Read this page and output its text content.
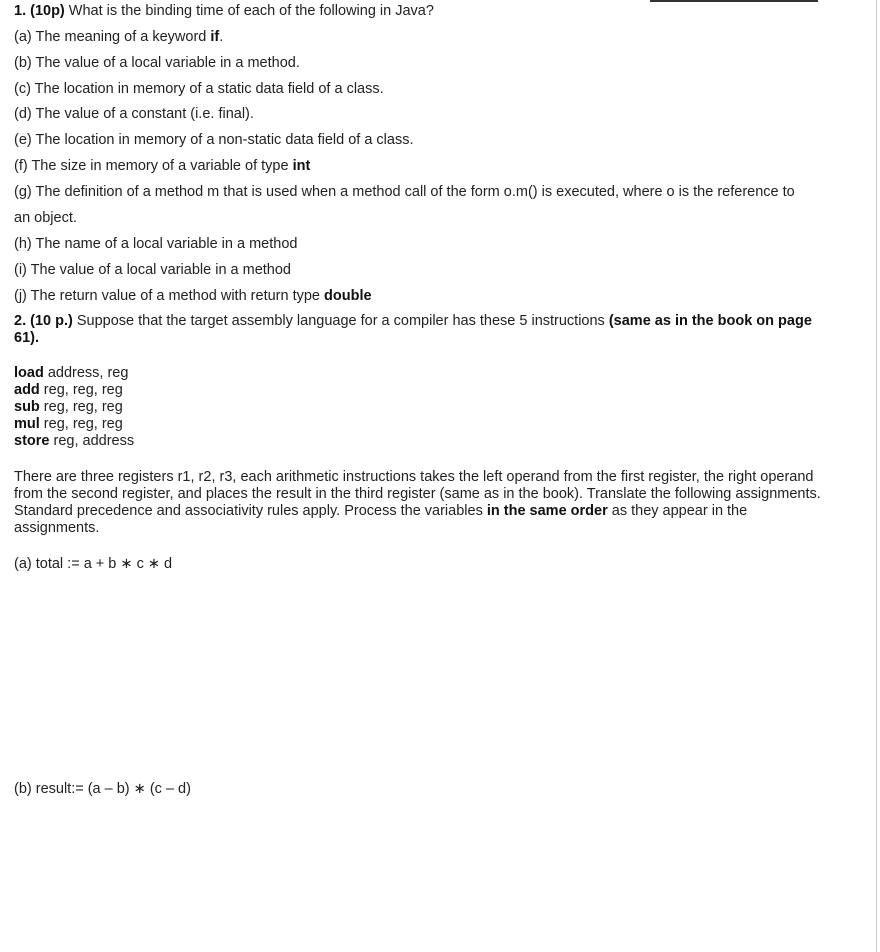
1. (10p) What is the binding time of each of the following in Java?
(a) The meaning of a keyword if.
(b) The value of a local variable in a method.
(c) The location in memory of a static data field of a class.
(d) The value of a constant (i.e. final).
(e) The location in memory of a non-static data field of a class.
(f) The size in memory of a variable of type int
(g) The definition of a method m that is used when a method call of the form o.m() is executed, where o is the reference to
an object.
(h) The name of a local variable in a method
(i) The value of a local variable in a method
(j) The return value of a method with return type double
2. (10 p.) Suppose that the target assembly language for a compiler has these 5 instructions (same as in the book on page 61).
load address, reg
add reg, reg, reg
sub reg, reg, reg
mul reg, reg, reg
store reg, address
There are three registers r1, r2, r3, each arithmetic instructions takes the left operand from the first register, the right operand from the second register, and places the result in the third register (same as in the book). Translate the following assignments. Standard precedence and associativity rules apply. Process the variables in the same order as they appear in the assignments.
(a) total := a + b ∗ c ∗ d
(b) result:= (a – b) ∗ (c – d)
